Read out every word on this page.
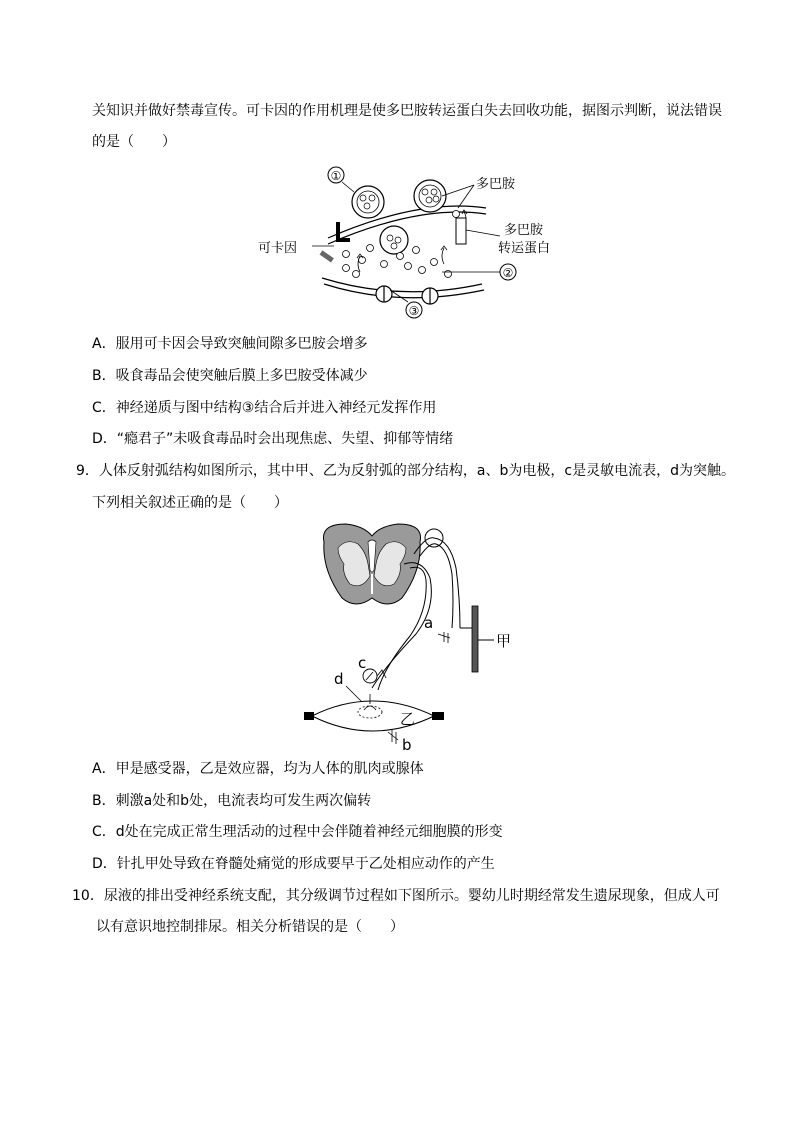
关知识并做好禁毒宣传。可卡因的作用机理是使多巴胺转运蛋白失去回收功能，据图示判断，说法错误
的是（　　）
①
多巴胺
多巴胺
转运蛋白
可卡因
②
③
A．服用可卡因会导致突触间隙多巴胺会增多
B．吸食毒品会使突触后膜上多巴胺受体减少
C．神经递质与图中结构③结合后并进入神经元发挥作用
D．“瘾君子”未吸食毒品时会出现焦虑、失望、抑郁等情绪
9．人体反射弧结构如图所示，其中甲、乙为反射弧的部分结构，a、b为电极，c是灵敏电流表，d为突触。
下列相关叙述正确的是（　　）
甲
a
c
d
乙
b
A．甲是感受器，乙是效应器，均为人体的肌肉或腺体
B．刺激a处和b处，电流表均可发生两次偏转
C．d处在完成正常生理活动的过程中会伴随着神经元细胞膜的形变
D．针扎甲处导致在脊髓处痛觉的形成要早于乙处相应动作的产生
10．尿液的排出受神经系统支配，其分级调节过程如下图所示。婴幼儿时期经常发生遗尿现象，但成人可
以有意识地控制排尿。相关分析错误的是（　　）
